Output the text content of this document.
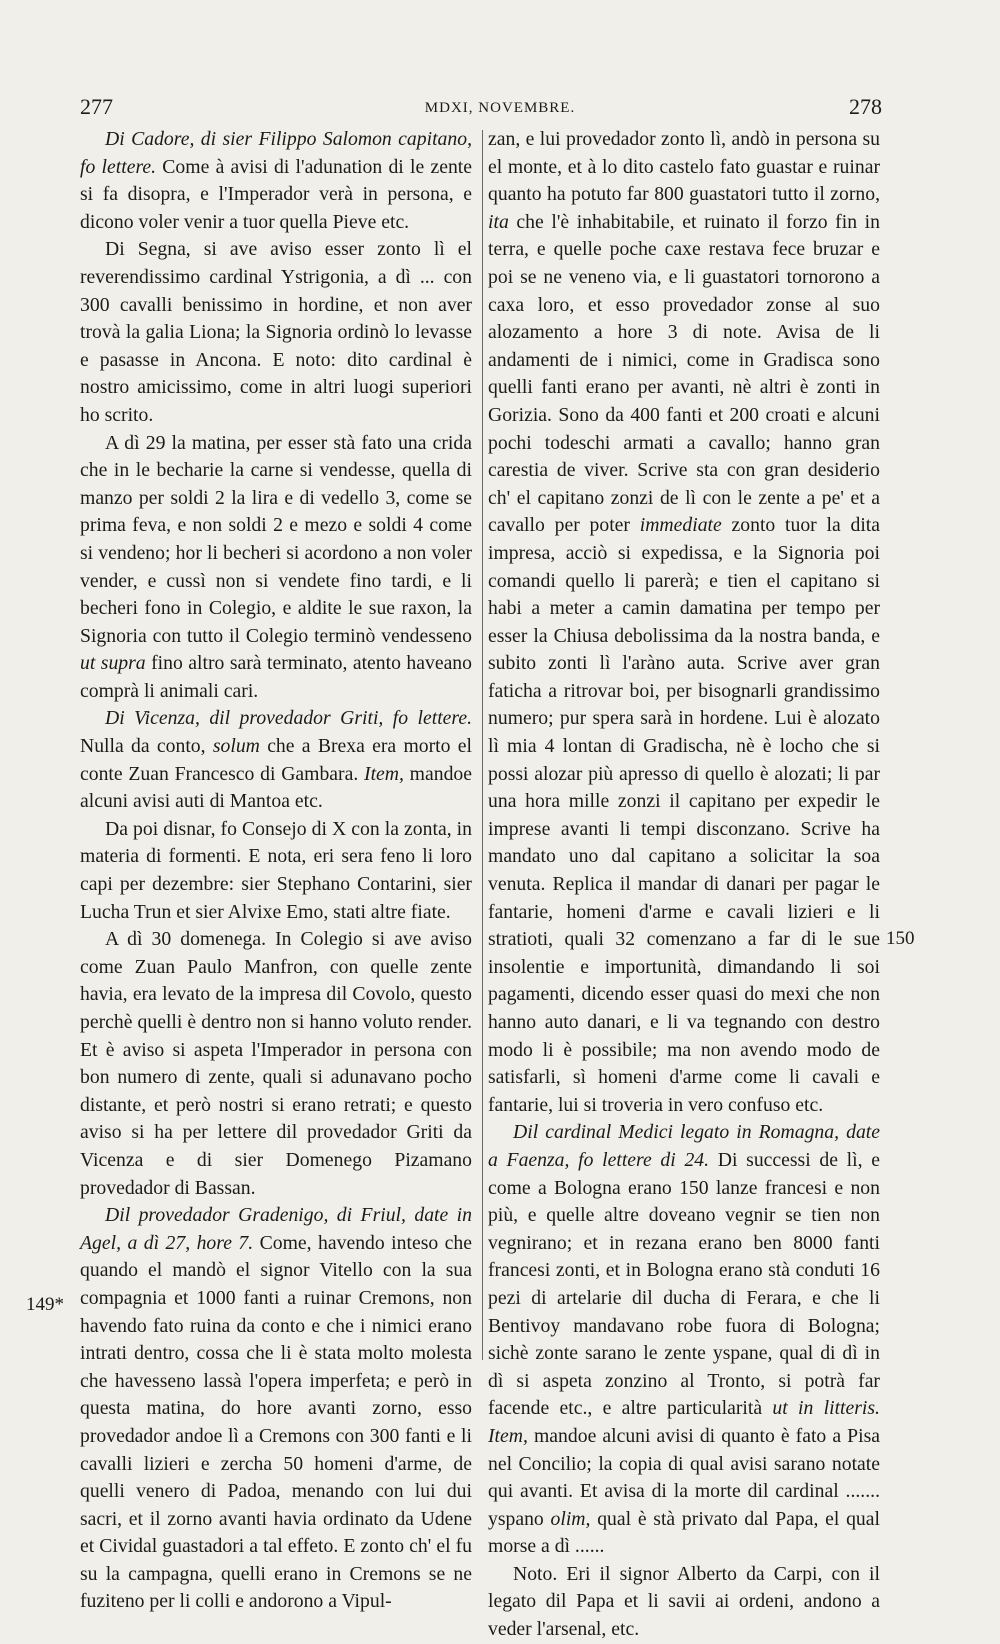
277	MDXI, NOVEMBRE.	278

Di Cadore, di sier Filippo Salomon capitano, fo lettere. Come à avisi di l'adunation di le zente si fa disopra, e l'Imperador verà in persona, e dicono voler venir a tuor quella Pieve etc.

Di Segna, si ave aviso esser zonto lì el reverendissimo cardinal Ystrigonia, a dì ... con 300 cavalli benissimo in hordine, et non aver trovà la galia Liona; la Signoria ordinò lo levasse e pasasse in Ancona. E noto: dito cardinal è nostro amicissimo, come in altri luogi superiori ho scrito.

A dì 29 la matina, per esser stà fato una crida che in le becharie la carne si vendesse, quella di manzo per soldi 2 la lira e di vedello 3, come se prima feva, e non soldi 2 e mezo e soldi 4 come si vendeno; hor li becheri si acordono a non voler vender, e cussì non si vendete fino tardi, e li becheri fono in Colegio, e aldite le sue raxon, la Signoria con tutto il Colegio terminò vendesseno ut supra fino altro sarà terminato, atento haveano comprà li animali cari.

Di Vicenza, dil provedador Griti, fo lettere. Nulla da conto, solum che a Brexa era morto el conte Zuan Francesco di Gambara. Item, mandoe alcuni avisi auti di Mantoa etc.

Da poi disnar, fo Consejo di X con la zonta, in materia di formenti. E nota, eri sera feno li loro capi per dezembre: sier Stephano Contarini, sier Lucha Trun et sier Alvixe Emo, stati altre fiate.

A dì 30 domenega. In Colegio si ave aviso come Zuan Paulo Manfron, con quelle zente havia, era levato de la impresa dil Covolo, questo perchè quelli è dentro non si hanno voluto render. Et è aviso si aspeta l'Imperador in persona con bon numero di zente, quali si adunavano pocho distante, et però nostri si erano retrati; e questo aviso si ha per lettere dil provedador Griti da Vicenza e di sier Domenego Pizamano provedador di Bassan.

Dil provedador Gradenigo, di Friul, date in Agel, a dì 27, hore 7. Come, havendo inteso che quando el mandò el signor Vitello con la sua compagnia et 1000 fanti a ruinar Cremons, non havendo fato ruina da conto e che i nimici erano intrati dentro, cossa che li è stata molto molesta che havesseno lassà l'opera imperfeta; e però in questa matina, do hore avanti zorno, esso provedador andoe lì a Cremons con 300 fanti e li cavalli lizieri e zercha 50 homeni d'arme, de quelli venero di Padoa, menando con lui dui sacri, et il zorno avanti havia ordinato da Udene et Cividal guastadori a tal effeto. E zonto ch' el fu su la campagna, quelli erano in Cremons se ne fuziteno per li colli e andorono a Vipul-

zan, e lui provedador zonto lì, andò in persona su el monte, et à lo dito castelo fato guastar e ruinar quanto ha potuto far 800 guastatori tutto il zorno, ita che l'è inhabitabile, et ruinato il forzo fin in terra, e quelle poche caxe restava fece bruzar e poi se ne veneno via, e li guastatori tornorono a caxa loro, et esso provedador zonse al suo alozamento a hore 3 di note. Avisa de li andamenti de i nimici, come in Gradisca sono quelli fanti erano per avanti, nè altri è zonti in Gorizia. Sono da 400 fanti et 200 croati e alcuni pochi todeschi armati a cavallo; hanno gran carestia de viver. Scrive sta con gran desiderio ch' el capitano zonzi de lì con le zente a pe' et a cavallo per poter immediate zonto tuor la dita impresa, acciò si expedissa, e la Signoria poi comandi quello li parerà; e tien el capitano si habi a meter a camin damatina per tempo per esser la Chiusa debolissima da la nostra banda, e subito zonti lì l'aràno auta. Scrive aver gran faticha a ritrovar boi, per bisognarli grandissimo numero; pur spera sarà in hordene. Lui è alozato lì mia 4 lontan di Gradischa, nè è locho che si possi alozar più apresso di quello è alozati; li par una hora mille zonzi il capitano per expedir le imprese avanti li tempi disconzano. Scrive ha mandato uno dal capitano a solicitar la soa venuta. Replica il mandar di danari per pagar le fantarie, homeni d'arme e cavali lizieri e li stratioti, quali 32 comenzano a far di le sue insolentie e importunità, dimandando li soi pagamenti, dicendo esser quasi do mexi che non hanno auto danari, e li va tegnando con destro modo li è possibile; ma non avendo modo de satisfarli, sì homeni d'arme come li cavali e fantarie, lui si troveria in vero confuso etc.

Dil cardinal Medici legato in Romagna, date a Faenza, fo lettere di 24. Di successi de lì, e come a Bologna erano 150 lanze francesi e non più, e quelle altre doveano vegnir se tien non vegnirano; et in rezana erano ben 8000 fanti francesi zonti, et in Bologna erano stà conduti 16 pezi di artelarie dil ducha di Ferara, e che li Bentivoy mandavano robe fuora di Bologna; sichè zonte sarano le zente yspane, qual di dì in dì si aspeta zonzino al Tronto, si potrà far facende etc., e altre particularità ut in litteris. Item, mandoe alcuni avisi di quanto è fato a Pisa nel Concilio; la copia di qual avisi sarano notate qui avanti. Et avisa di la morte dil cardinal ....... yspano olim, qual è stà privato dal Papa, el qual morse a dì ......

Noto. Eri il signor Alberto da Carpi, con il legato dil Papa et li savii ai ordeni, andono a veder l'arsenal, etc.

149*
150
